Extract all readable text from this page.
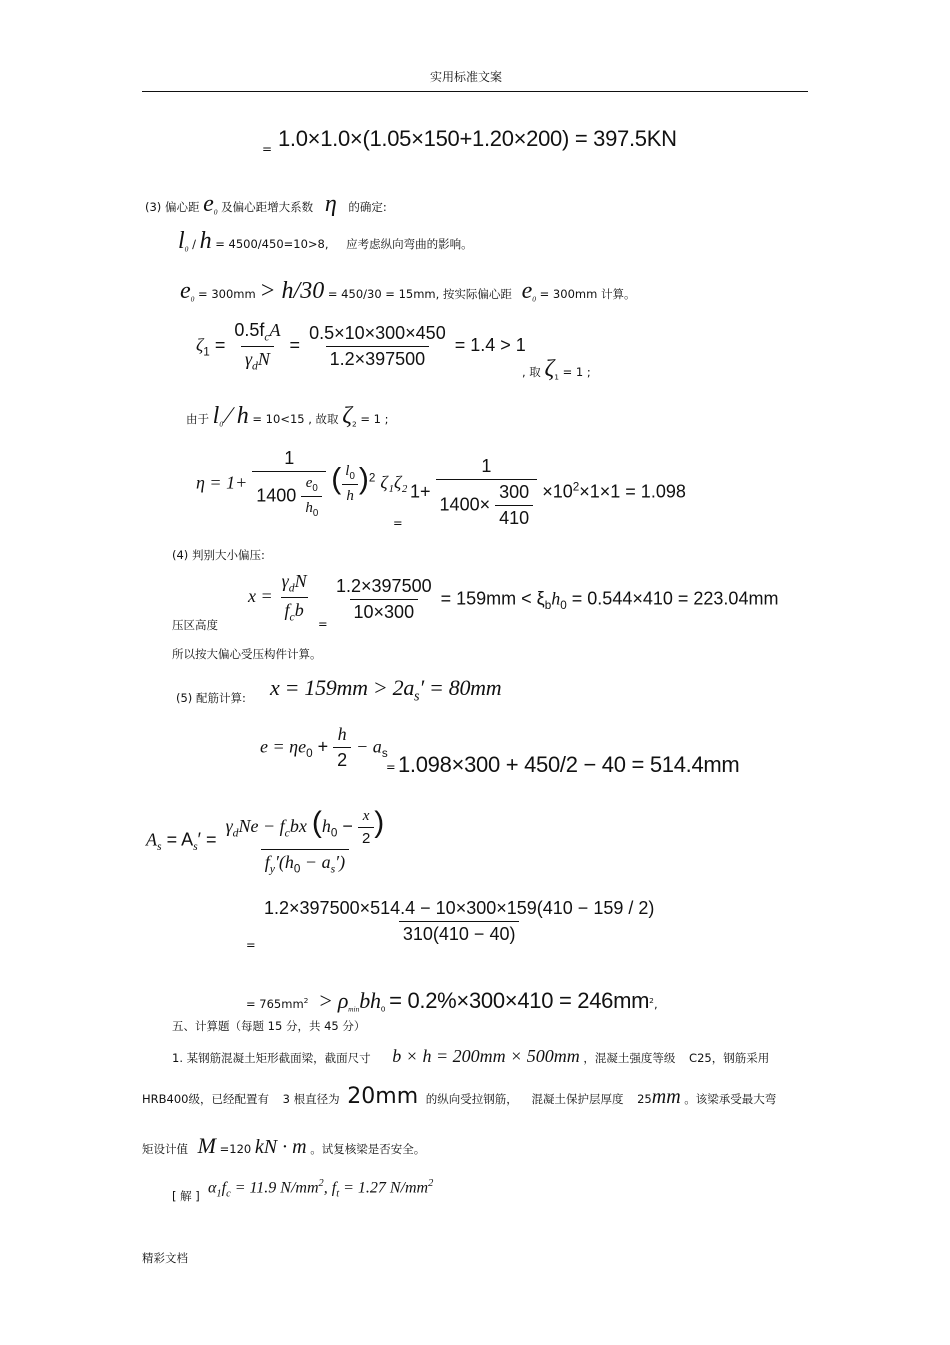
实用标准文案
= 1.0×1.0×(1.05×150+1.20×200) = 397.5KN
(3) 偏心距 $e_0$ 及偏心距增大系数 η 的确定:
$l_0$ ∕ h = 4500/450=10>8, 应考虑纵向弯曲的影响。
$e_0 = 300mm > h/30 = 450/30 = 15mm$, 按实际偏心距 $e_0 = 300mm$ 计算。
$\zeta_1 = \frac{0.5f_cA}{\gamma_dN} = \frac{0.5\times 10\times 300\times 450}{1.2\times 397500} = 1.4 > 1$
, 取 $\zeta_1 = 1$ ;
由于 $l_0$ ∕ h = 10<15 , 故取 $\zeta_2 = 1$ ;
$\eta = 1+ \frac{1}{1400 \frac{e_0}{h_0}}$ ( $\frac{l_0}{h} )^2$ ζ₁ζ₂
=
$1+ \frac{1}{1400\times \frac{300}{410}} \times 10^2\times 1\times 1 = 1.098$
(4) 判别大小偏压:
压区高度
$x = \frac{\gamma_dN}{f_cb}$
=
$\frac{1.2\times 397500}{10\times 300} = 159mm < \xi_bh_0 = 0.544\times 410 = 223.04mm$
所以按大偏心受压构件计算。
(5) 配筋计算: $x = 159mm > 2a_s' = 80mm$
$e = \eta e_0 + \frac{h}{2} - a_s$
= 1.098×300 + 450/2 − 40 = 514.4mm
$A_s = A_s'$ =
$\gamma_dNe - f_cbx$ ($h_0 - \frac{x}{2}$ )
$f_y'(h_0 - a_s')$
= $\frac{1.2\times 397500\times 514.4 - 10\times 300\times 159(410 - 159 / 2)}{310(410 - 40)}$
= $765mm^2 > \rho_{min}bh_0 = 0.2\%\times 300\times 410 = 246mm^2$,
五、计算题（每题 15 分，共 45 分）
1. 某钢筋混凝土矩形截面梁，截面尺寸 b × h = 200mm × 500mm ，混凝土强度等级 C25，钢筋采用
HRB400级，已经配置有 3 根直径为 20mm 的纵向受拉钢筋， 混凝土保护层厚度 25mm 。该梁承受最大弯
矩设计值 M =120 kN · m 。试复核梁是否安全。
[ 解 ] $\alpha_1f_c = 11.9$ $N/mm^2$, $f_t = 1.27$ $N/mm^2$
精彩文档
